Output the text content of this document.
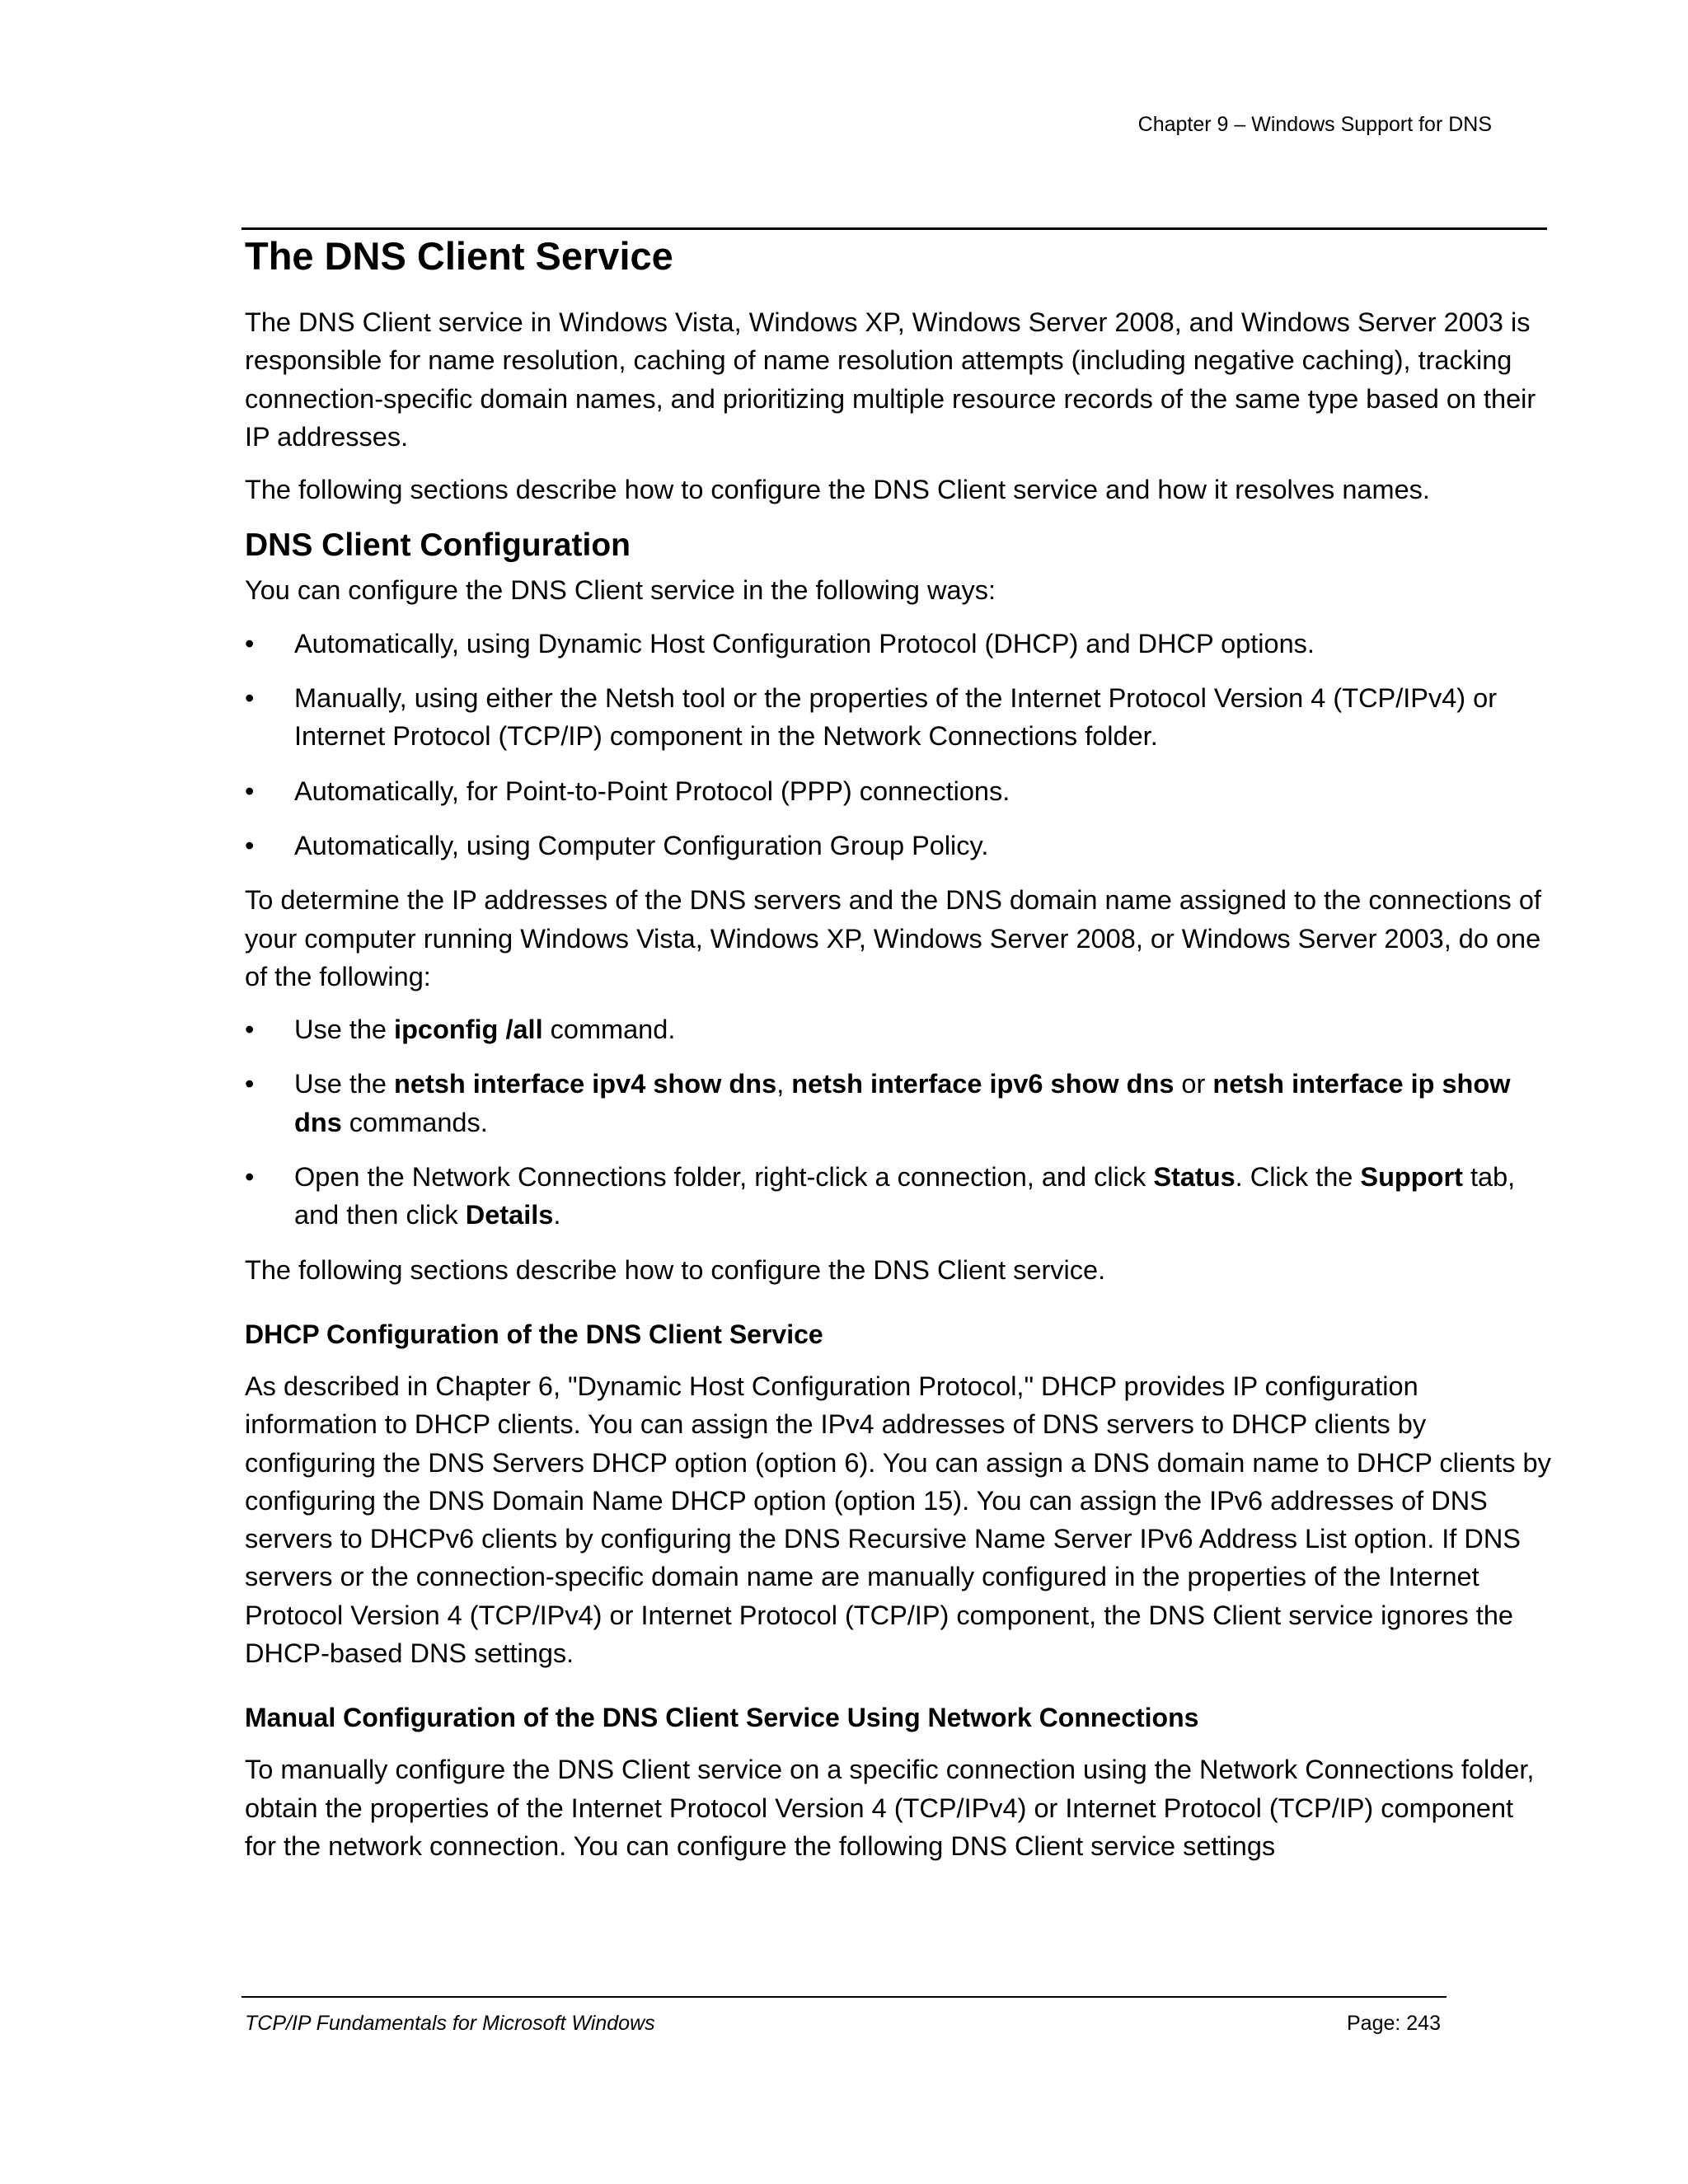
Chapter 9 – Windows Support for DNS
The DNS Client Service

The DNS Client service in Windows Vista, Windows XP, Windows Server 2008, and Windows Server 2003 is responsible for name resolution, caching of name resolution attempts (including negative caching), tracking connection-specific domain names, and prioritizing multiple resource records of the same type based on their IP addresses.

The following sections describe how to configure the DNS Client service and how it resolves names.

DNS Client Configuration

You can configure the DNS Client service in the following ways:

• Automatically, using Dynamic Host Configuration Protocol (DHCP) and DHCP options.
• Manually, using either the Netsh tool or the properties of the Internet Protocol Version 4 (TCP/IPv4) or Internet Protocol (TCP/IP) component in the Network Connections folder.
• Automatically, for Point-to-Point Protocol (PPP) connections.
• Automatically, using Computer Configuration Group Policy.

To determine the IP addresses of the DNS servers and the DNS domain name assigned to the connections of your computer running Windows Vista, Windows XP, Windows Server 2008, or Windows Server 2003, do one of the following:

• Use the ipconfig /all command.
• Use the netsh interface ipv4 show dns, netsh interface ipv6 show dns or netsh interface ip show dns commands.
• Open the Network Connections folder, right-click a connection, and click Status. Click the Support tab, and then click Details.

The following sections describe how to configure the DNS Client service.

DHCP Configuration of the DNS Client Service

As described in Chapter 6, "Dynamic Host Configuration Protocol," DHCP provides IP configuration information to DHCP clients. You can assign the IPv4 addresses of DNS servers to DHCP clients by configuring the DNS Servers DHCP option (option 6). You can assign a DNS domain name to DHCP clients by configuring the DNS Domain Name DHCP option (option 15). You can assign the IPv6 addresses of DNS servers to DHCPv6 clients by configuring the DNS Recursive Name Server IPv6 Address List option. If DNS servers or the connection-specific domain name are manually configured in the properties of the Internet Protocol Version 4 (TCP/IPv4) or Internet Protocol (TCP/IP) component, the DNS Client service ignores the DHCP-based DNS settings.

Manual Configuration of the DNS Client Service Using Network Connections

To manually configure the DNS Client service on a specific connection using the Network Connections folder, obtain the properties of the Internet Protocol Version 4 (TCP/IPv4) or Internet Protocol (TCP/IP) component for the network connection. You can configure the following DNS Client service settings

TCP/IP Fundamentals for Microsoft Windows	Page: 243
